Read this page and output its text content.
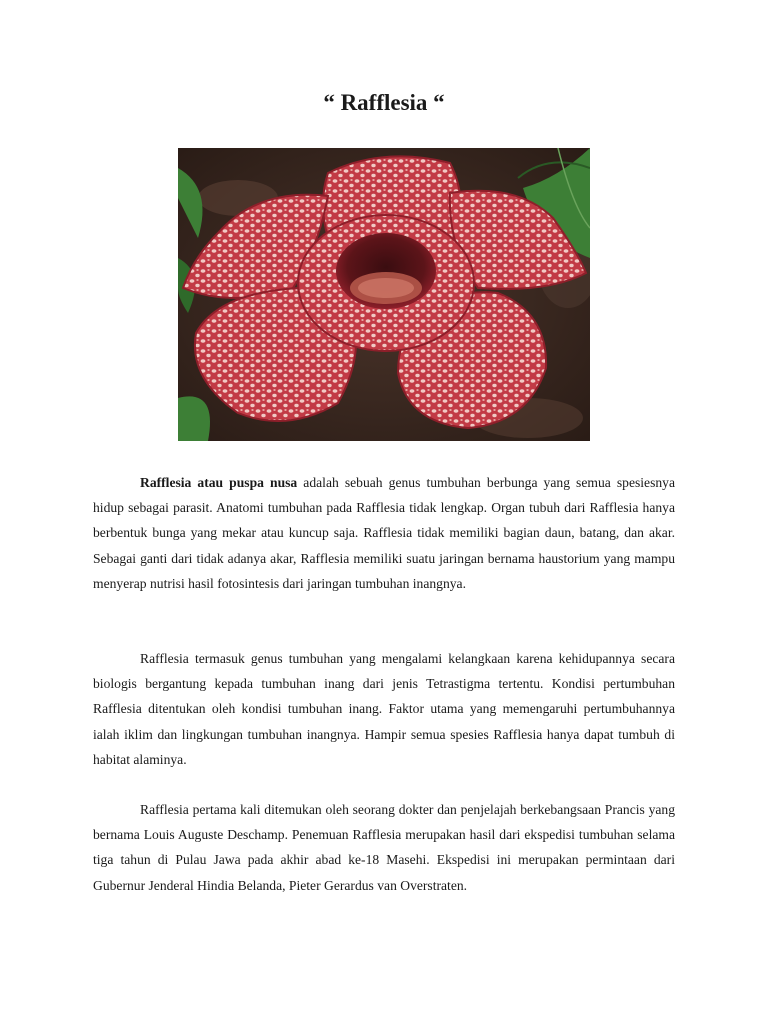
“ Rafflesia “

Rafflesia atau puspa nusa adalah sebuah genus tumbuhan berbunga yang semua spesiesnya hidup sebagai parasit. Anatomi tumbuhan pada Rafflesia tidak lengkap. Organ tubuh dari Rafflesia hanya berbentuk bunga yang mekar atau kuncup saja. Rafflesia tidak memiliki bagian daun, batang, dan akar. Sebagai ganti dari tidak adanya akar, Rafflesia memiliki suatu jaringan bernama haustorium yang mampu menyerap nutrisi hasil fotosintesis dari jaringan tumbuhan inangnya.

Rafflesia termasuk genus tumbuhan yang mengalami kelangkaan karena kehidupannya secara biologis bergantung kepada tumbuhan inang dari jenis Tetrastigma tertentu. Kondisi pertumbuhan Rafflesia ditentukan oleh kondisi tumbuhan inang. Faktor utama yang memengaruhi pertumbuhannya ialah iklim dan lingkungan tumbuhan inangnya. Hampir semua spesies Rafflesia hanya dapat tumbuh di habitat alaminya.

Rafflesia pertama kali ditemukan oleh seorang dokter dan penjelajah berkebangsaan Prancis yang bernama Louis Auguste Deschamp. Penemuan Rafflesia merupakan hasil dari ekspedisi tumbuhan selama tiga tahun di Pulau Jawa pada akhir abad ke-18 Masehi. Ekspedisi ini merupakan permintaan dari Gubernur Jenderal Hindia Belanda, Pieter Gerardus van Overstraten.
